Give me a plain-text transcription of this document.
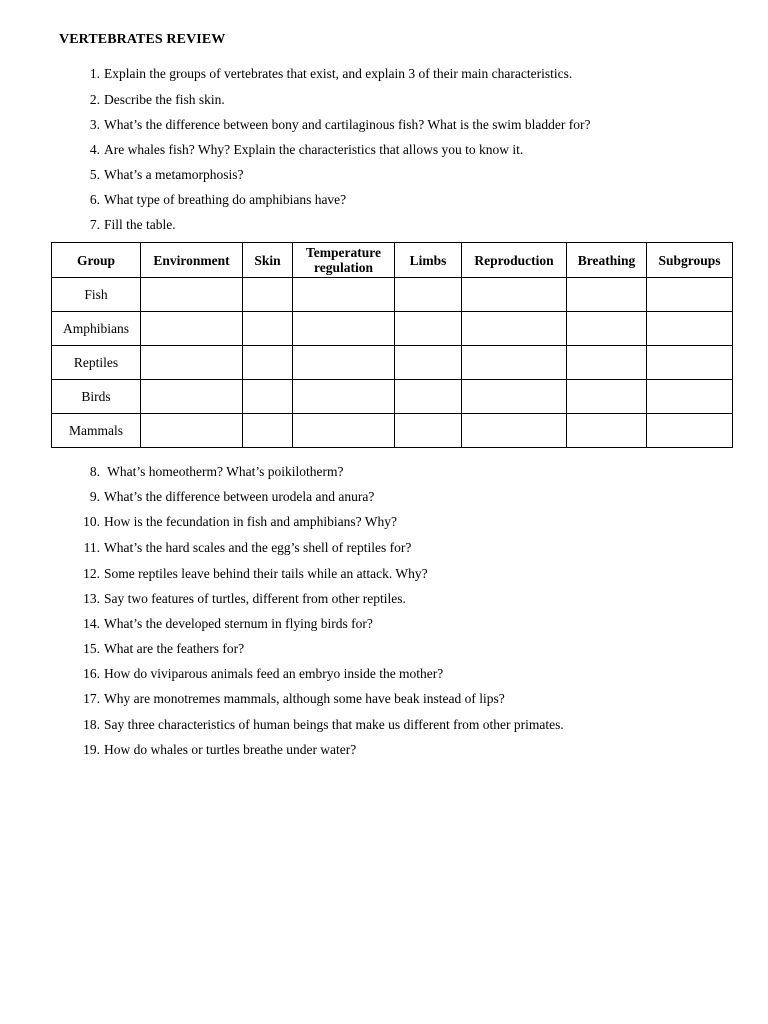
VERTEBRATES REVIEW
1. Explain the groups of vertebrates that exist, and explain 3 of their main characteristics.
2. Describe the fish skin.
3. What’s the difference between bony and cartilaginous fish? What is the swim bladder for?
4. Are whales fish? Why? Explain the characteristics that allows you to know it.
5. What’s a metamorphosis?
6. What type of breathing do amphibians have?
7. Fill the table.
Group	Environment	Skin	Temperature regulation	Limbs	Reproduction	Breathing	Subgroups
Fish							
Amphibians							
Reptiles							
Birds							
Mammals							
8. What’s homeotherm? What’s poikilotherm?
9. What’s the difference between urodela and anura?
10. How is the fecundation in fish and amphibians? Why?
11. What’s the hard scales and the egg’s shell of reptiles for?
12. Some reptiles leave behind their tails while an attack. Why?
13. Say two features of turtles, different from other reptiles.
14. What’s the developed sternum in flying birds for?
15. What are the feathers for?
16. How do viviparous animals feed an embryo inside the mother?
17. Why are monotremes mammals, although some have beak instead of lips?
18. Say three characteristics of human beings that make us different from other primates.
19. How do whales or turtles breathe under water?
